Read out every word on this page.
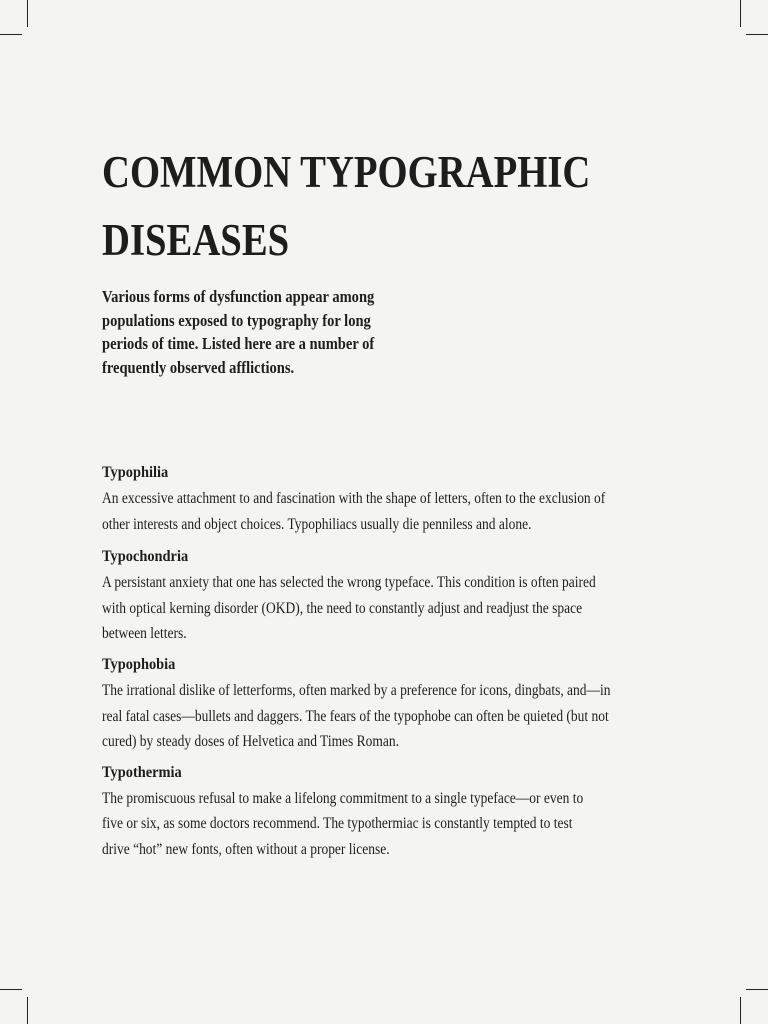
COMMON TYPOGRAPHIC
DISEASES

Various forms of dysfunction appear among
populations exposed to typography for long
periods of time. Listed here are a number of
frequently observed afflictions.

Typophilia
An excessive attachment to and fascination with the shape of letters, often to the exclusion of
other interests and object choices. Typophiliacs usually die penniless and alone.
Typochondria
A persistant anxiety that one has selected the wrong typeface. This condition is often paired
with optical kerning disorder (OKD), the need to constantly adjust and readjust the space
between letters.
Typophobia
The irrational dislike of letterforms, often marked by a preference for icons, dingbats, and—in
real fatal cases—bullets and daggers. The fears of the typophobe can often be quieted (but not
cured) by steady doses of Helvetica and Times Roman.
Typothermia
The promiscuous refusal to make a lifelong commitment to a single typeface—or even to
five or six, as some doctors recommend. The typothermiac is constantly tempted to test
drive “hot” new fonts, often without a proper license.
